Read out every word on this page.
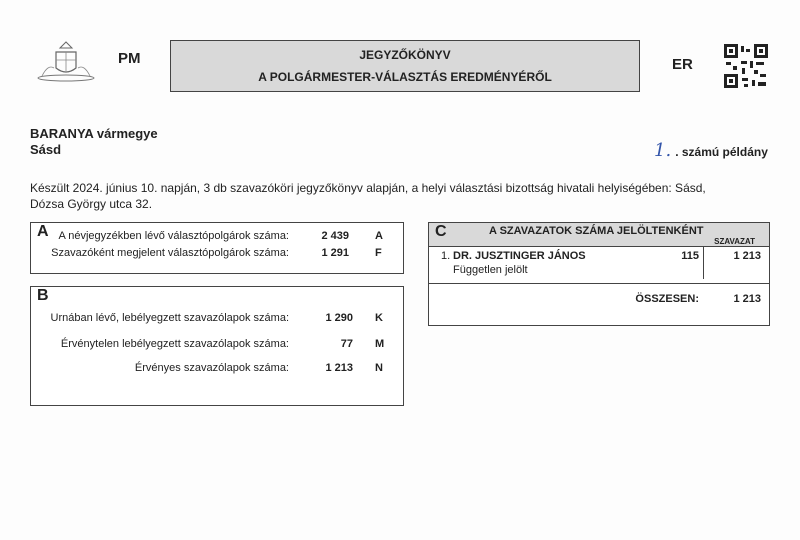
PM	JEGYZŐKÖNYV
A POLGÁRMESTER-VÁLASZTÁS EREDMÉNYÉRŐL
ER
BARANYA vármegye
Sásd	1. . számú példány
Készült 2024. június 10. napján, 3 db szavazóköri jegyzőkönyv alapján, a helyi választási bizottság hivatali helyiségében: Sásd, Dózsa György utca 32.
A A névjegyzékben lévő választópolgárok száma:	2 439 A
Szavazóként megjelent választópolgárok száma:	1 291 F
B
Urnában lévő, lebélyegzett szavazólapok száma:	1 290 K
Érvénytelen lebélyegzett szavazólapok száma:	77 M
Érvényes szavazólapok száma:	1 213 N
C	A SZAVAZATOK SZÁMA JELÖLTENKÉNT
SZAVAZAT
1. DR. JUSZTINGER JÁNOS
Független jelölt
115	1 213
ÖSSZESEN:	1 213
